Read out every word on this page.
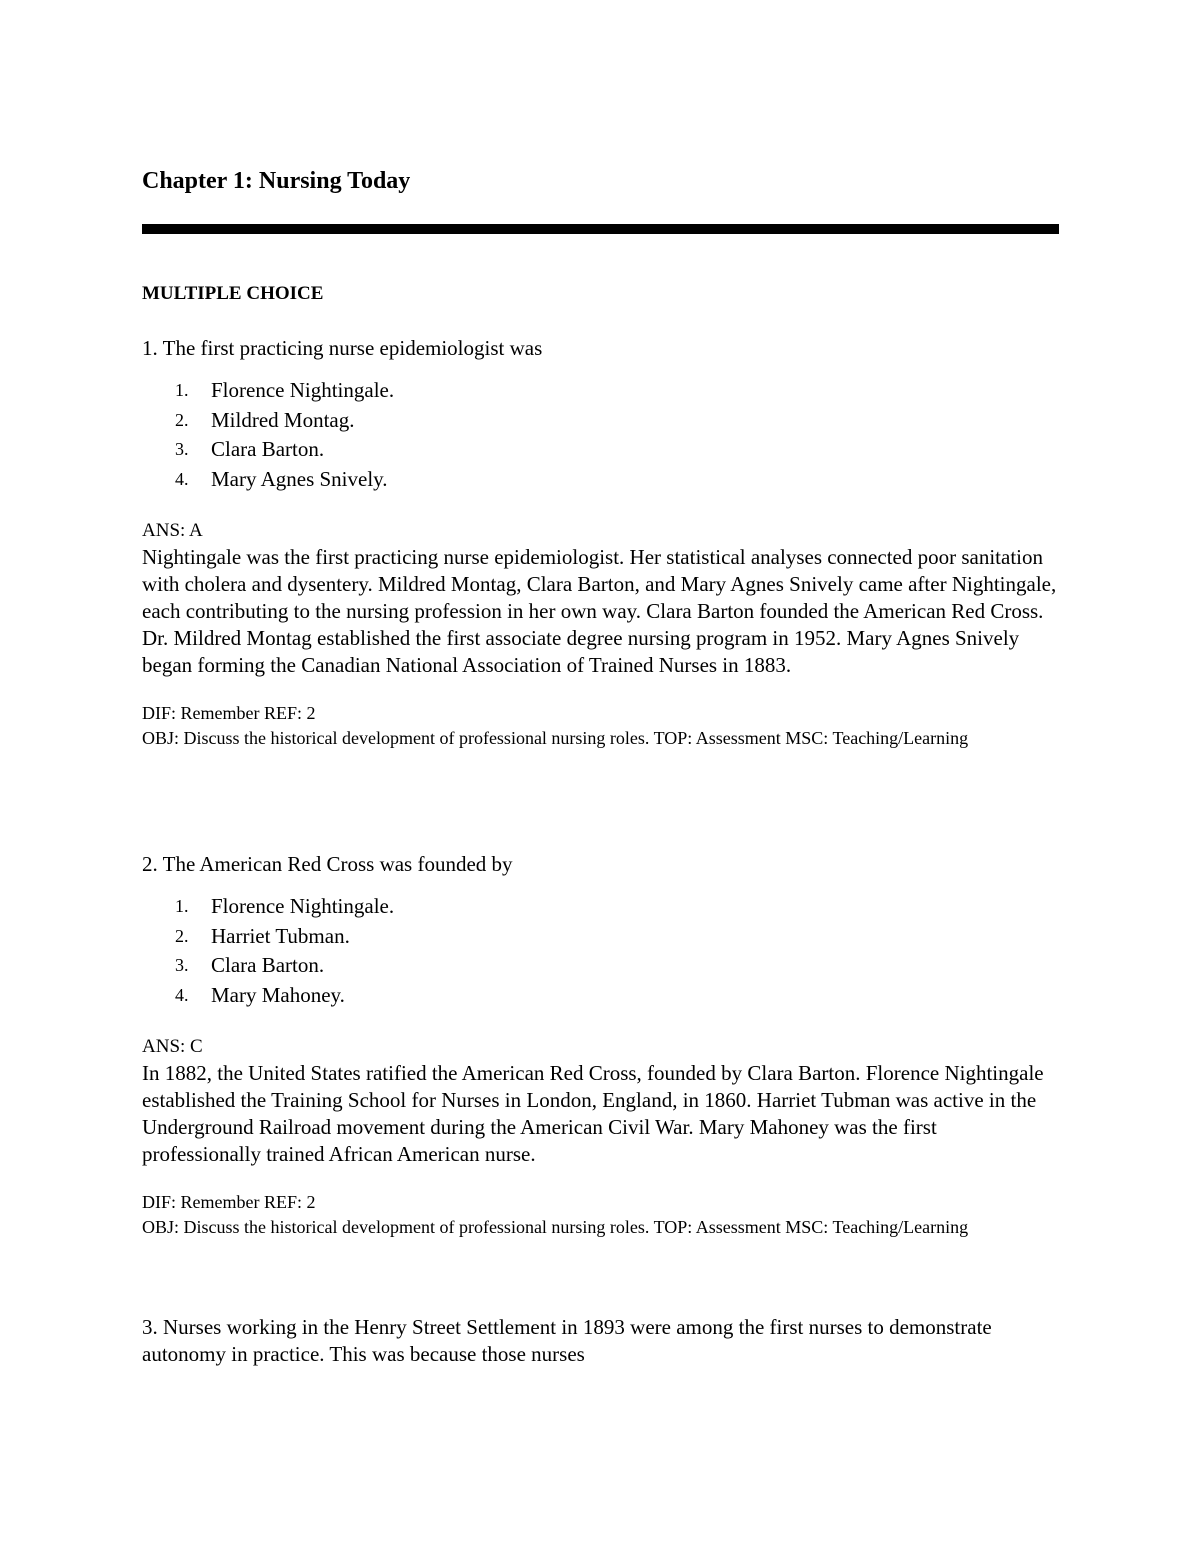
Chapter 1: Nursing Today
MULTIPLE CHOICE

1. The first practicing nurse epidemiologist was

1.	Florence Nightingale.
2.	Mildred Montag.
3.	Clara Barton.
4.	Mary Agnes Snively.

ANS: A

Nightingale was the first practicing nurse epidemiologist. Her statistical analyses connected poor sanitation with cholera and dysentery. Mildred Montag, Clara Barton, and Mary Agnes Snively came after Nightingale, each contributing to the nursing profession in her own way. Clara Barton founded the American Red Cross. Dr. Mildred Montag established the first associate degree nursing program in 1952. Mary Agnes Snively began forming the Canadian National Association of Trained Nurses in 1883.

DIF: Remember REF: 2

OBJ: Discuss the historical development of professional nursing roles. TOP: Assessment MSC: Teaching/Learning

2. The American Red Cross was founded by

1.	Florence Nightingale.
2.	Harriet Tubman.
3.	Clara Barton.
4.	Mary Mahoney.

ANS: C

In 1882, the United States ratified the American Red Cross, founded by Clara Barton. Florence Nightingale established the Training School for Nurses in London, England, in 1860. Harriet Tubman was active in the Underground Railroad movement during the American Civil War. Mary Mahoney was the first professionally trained African American nurse.

DIF: Remember REF: 2

OBJ: Discuss the historical development of professional nursing roles. TOP: Assessment MSC: Teaching/Learning

3. Nurses working in the Henry Street Settlement in 1893 were among the first nurses to demonstrate autonomy in practice. This was because those nurses
